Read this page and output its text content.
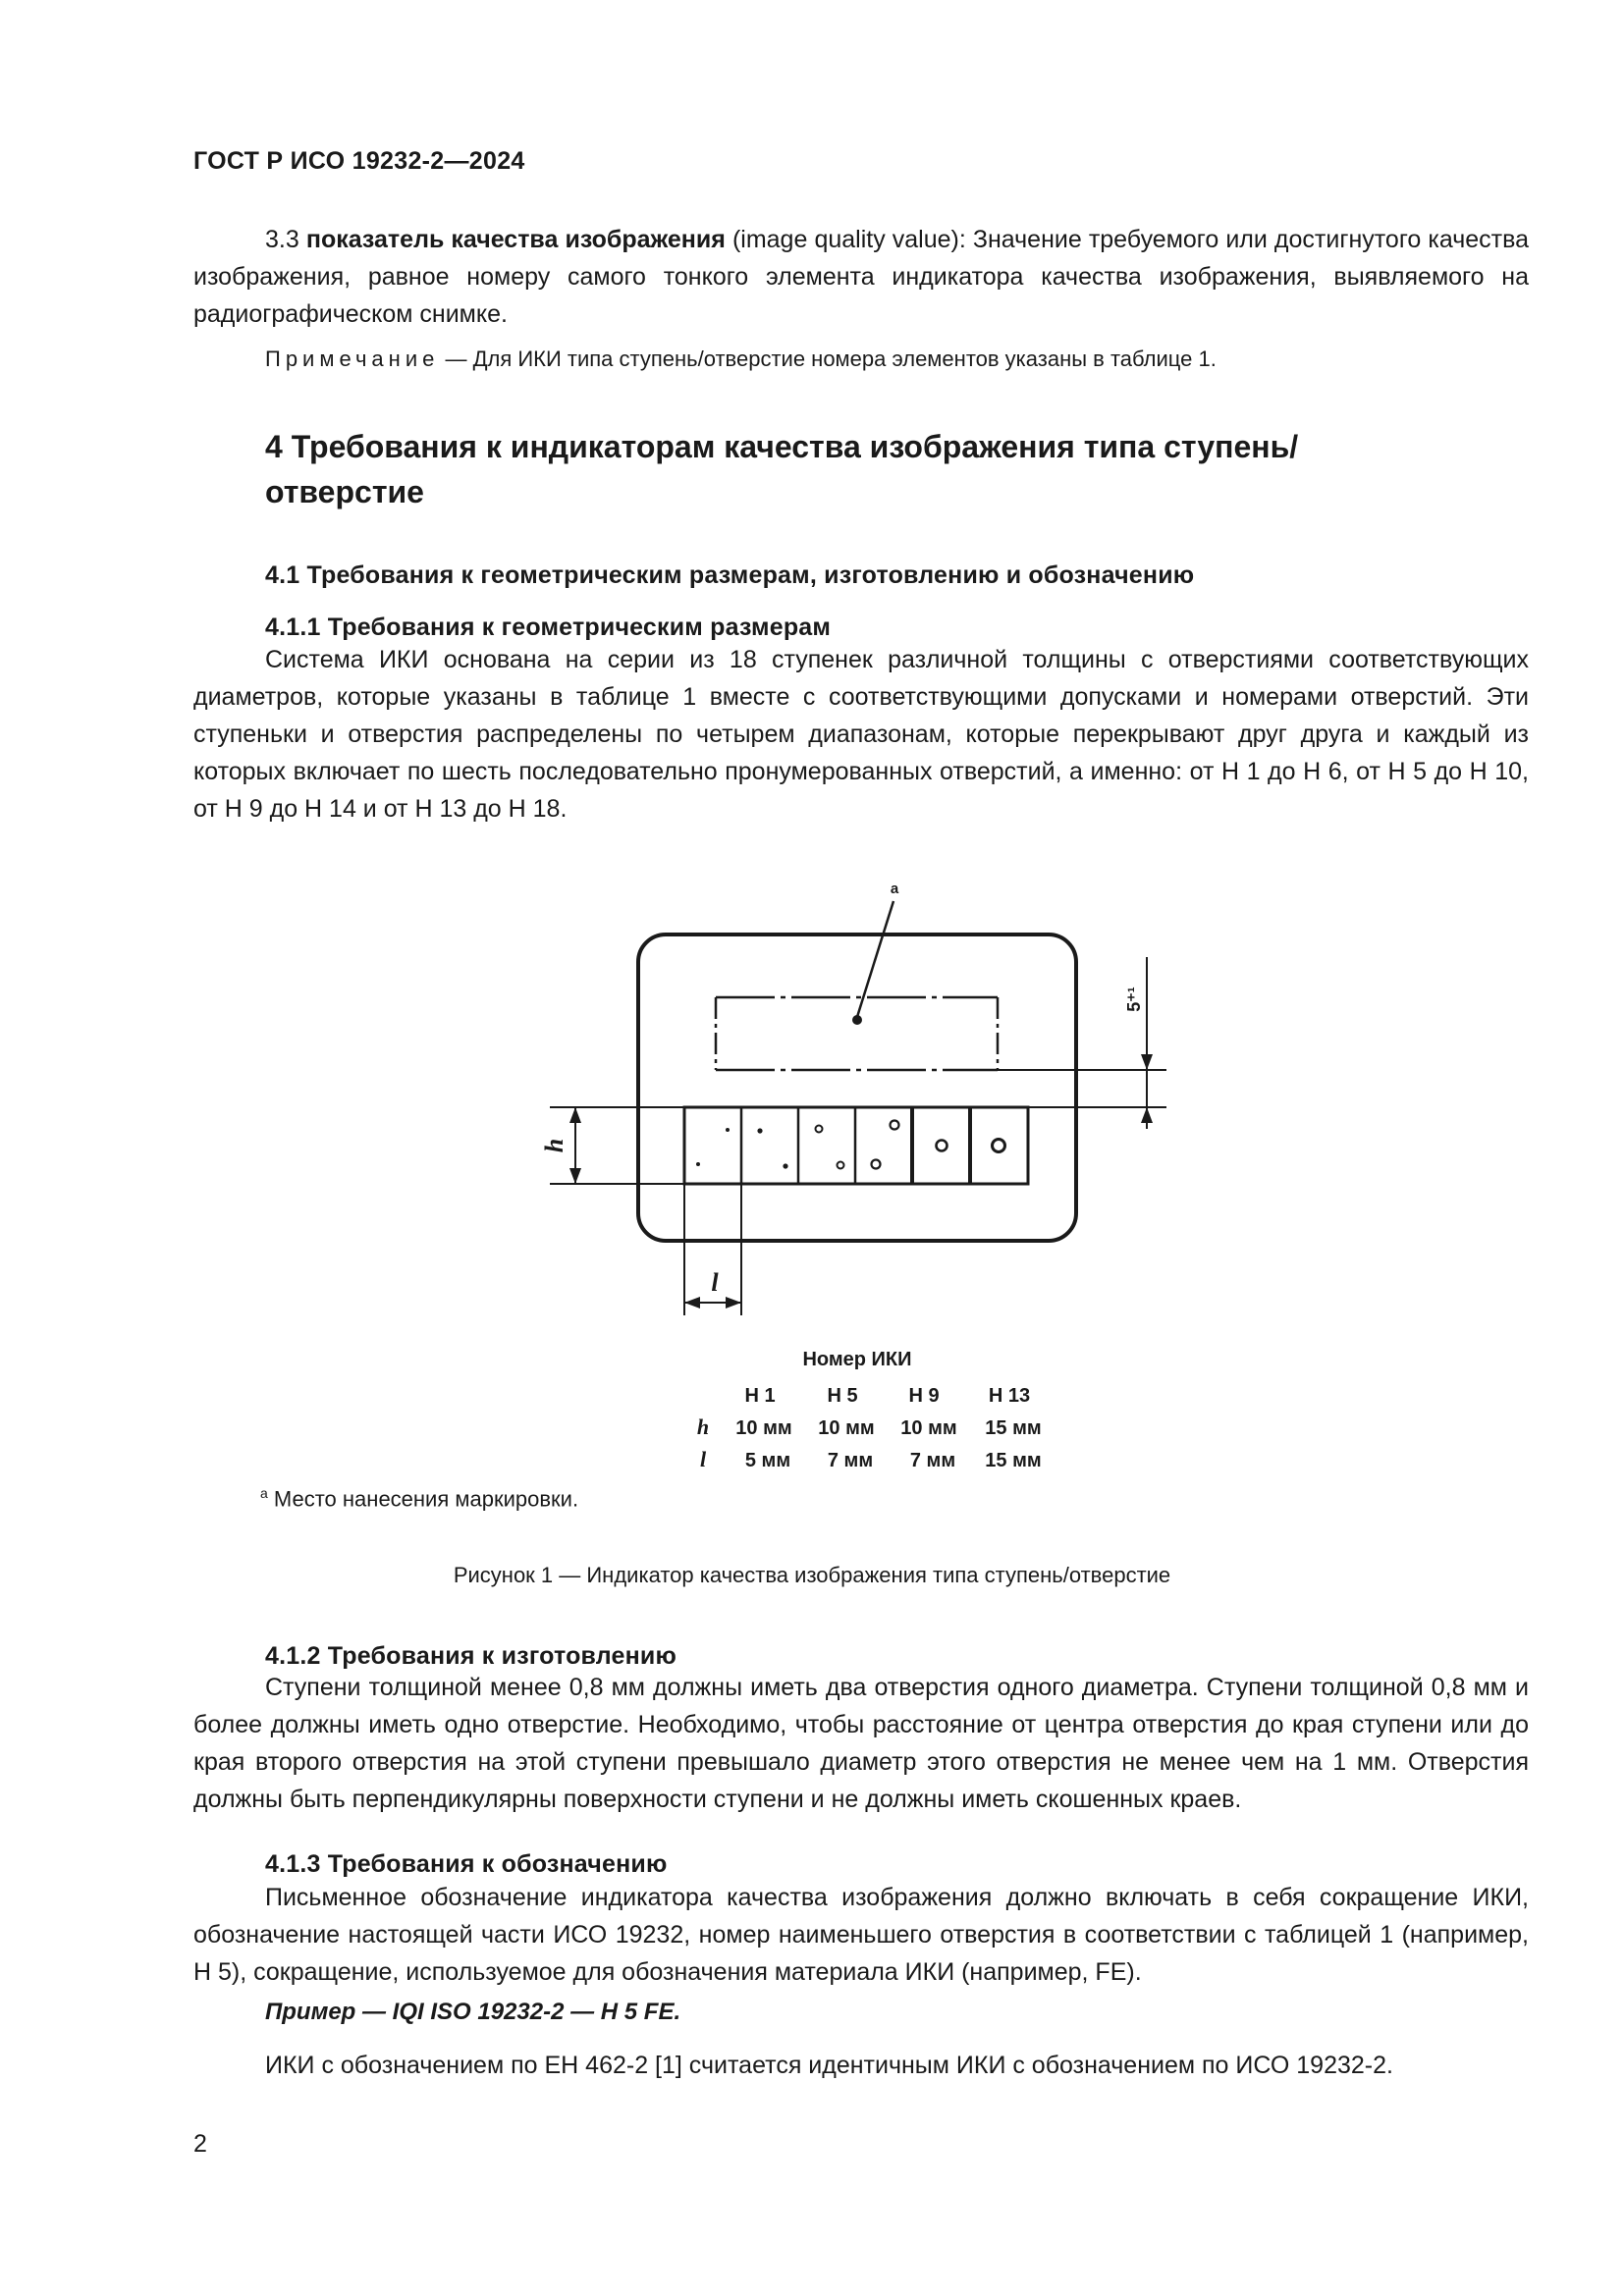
ГОСТ Р ИСО 19232-2—2024
3.3 показатель качества изображения (image quality value): Значение требуемого или достигнутого качества изображения, равное номеру самого тонкого элемента индикатора качества изображения, выявляемого на радиографическом снимке.
Примечание — Для ИКИ типа ступень/отверстие номера элементов указаны в таблице 1.
4 Требования к индикаторам качества изображения типа ступень/ отверстие
4.1 Требования к геометрическим размерам, изготовлению и обозначению
4.1.1 Требования к геометрическим размерам
Система ИКИ основана на серии из 18 ступенек различной толщины с отверстиями соответствующих диаметров, которые указаны в таблице 1 вместе с соответствующими допусками и номерами отверстий. Эти ступеньки и отверстия распределены по четырем диапазонам, которые перекрывают друг друга и каждый из которых включает по шесть последовательно пронумерованных отверстий, а именно: от Н 1 до Н 6, от Н 5 до Н 10, от Н 9 до Н 14 и от Н 13 до Н 18.
a
5⁺¹
h
l
Номер ИКИ
H 1	H 5	H 9	H 13
h 10 мм 10 мм 10 мм 15 мм
l 5 мм 7 мм 7 мм 15 мм
$^a$ Место нанесения маркировки.
Рисунок 1 — Индикатор качества изображения типа ступень/отверстие
4.1.2 Требования к изготовлению
Ступени толщиной менее 0,8 мм должны иметь два отверстия одного диаметра. Ступени толщиной 0,8 мм и более должны иметь одно отверстие. Необходимо, чтобы расстояние от центра отверстия до края ступени или до края второго отверстия на этой ступени превышало диаметр этого отверстия не менее чем на 1 мм. Отверстия должны быть перпендикулярны поверхности ступени и не должны иметь скошенных краев.
4.1.3 Требования к обозначению
Письменное обозначение индикатора качества изображения должно включать в себя сокращение ИКИ, обозначение настоящей части ИСО 19232, номер наименьшего отверстия в соответствии с таблицей 1 (например, Н 5), сокращение, используемое для обозначения материала ИКИ (например, FE).
Пример — IQI ISO 19232-2 — H 5 FE.
ИКИ с обозначением по ЕН 462-2 [1] считается идентичным ИКИ с обозначением по ИСО 19232-2.
2
